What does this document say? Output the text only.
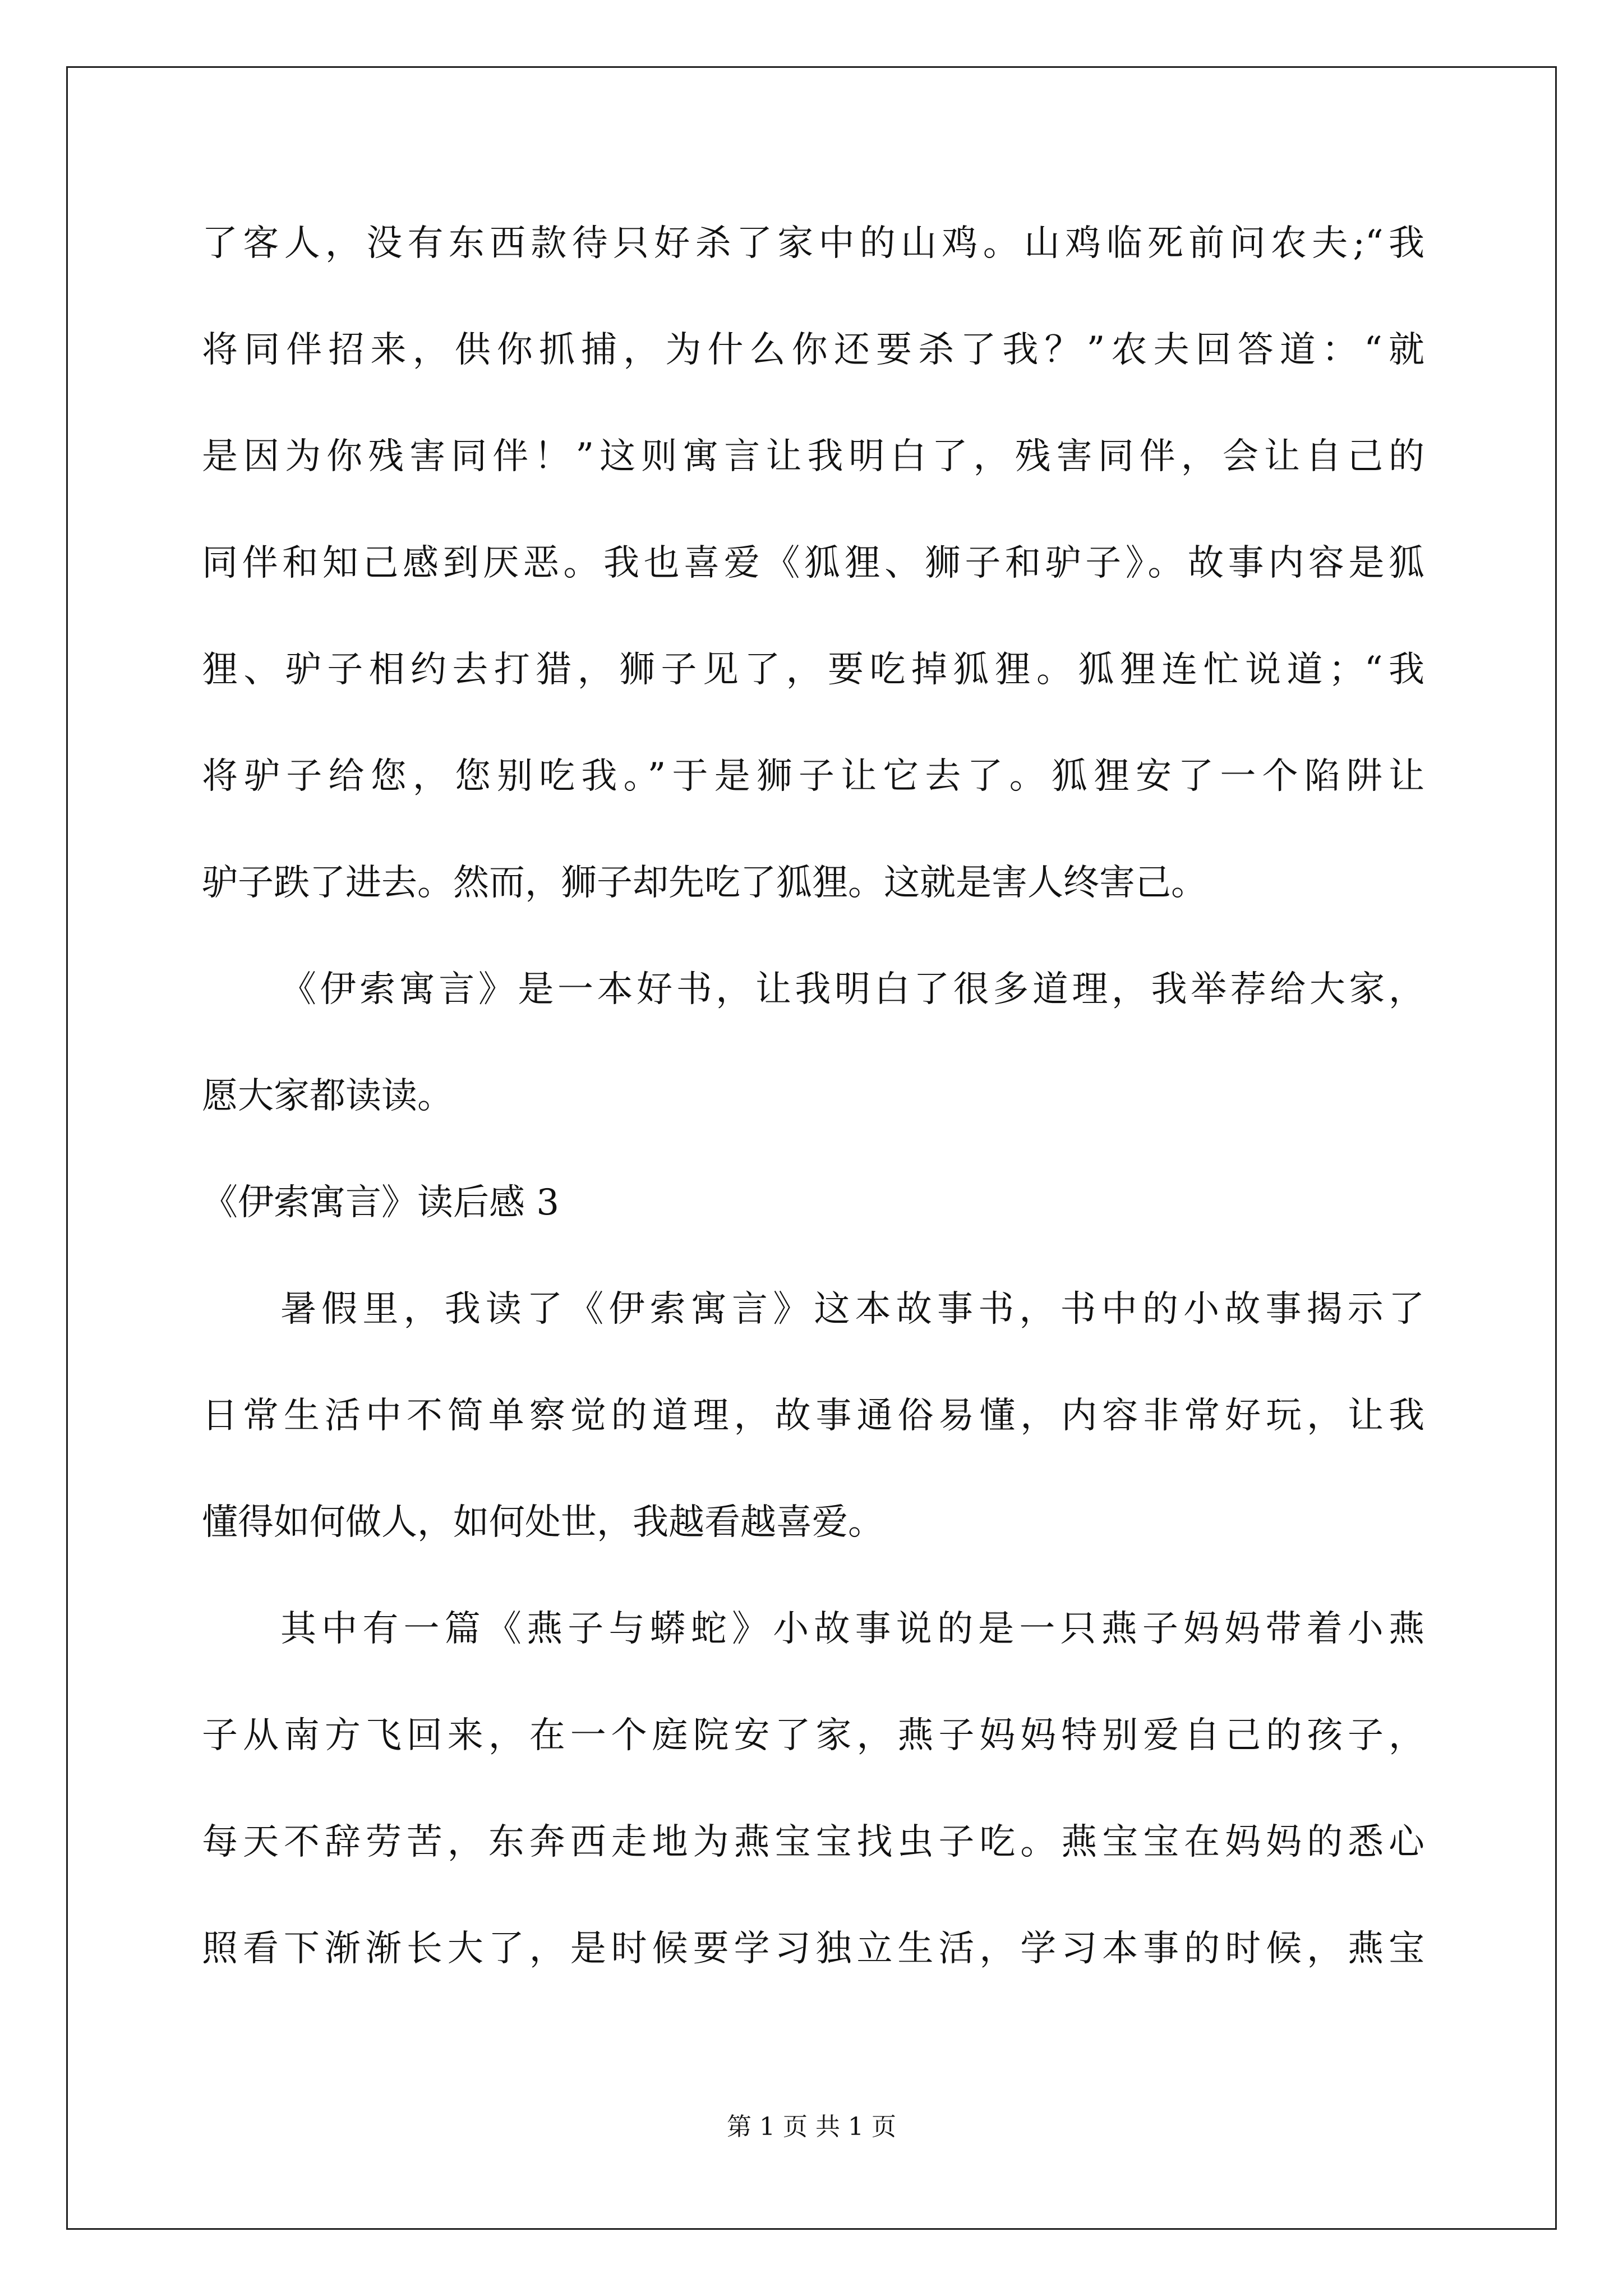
了客人，没有东西款待只好杀了家中的山鸡。山鸡临死前问农夫;“我
将同伴招来，供你抓捕，为什么你还要杀了我？”农夫回答道：“就
是因为你残害同伴！”这则寓言让我明白了，残害同伴，会让自己的
同伴和知己感到厌恶。我也喜爱《狐狸、狮子和驴子》。故事内容是狐
狸、驴子相约去打猎，狮子见了，要吃掉狐狸。狐狸连忙说道；“我
将驴子给您，您别吃我。”于是狮子让它去了。狐狸安了一个陷阱让
驴子跌了进去。然而，狮子却先吃了狐狸。这就是害人终害己。
《伊索寓言》是一本好书，让我明白了很多道理，我举荐给大家，
愿大家都读读。
《伊索寓言》读后感 3
暑假里，我读了《伊索寓言》这本故事书，书中的小故事揭示了
日常生活中不简单察觉的道理，故事通俗易懂，内容非常好玩，让我
懂得如何做人，如何处世，我越看越喜爱。
其中有一篇《燕子与蟒蛇》小故事说的是一只燕子妈妈带着小燕
子从南方飞回来，在一个庭院安了家，燕子妈妈特别爱自己的孩子，
每天不辞劳苦，东奔西走地为燕宝宝找虫子吃。燕宝宝在妈妈的悉心
照看下渐渐长大了，是时候要学习独立生活，学习本事的时候，燕宝
第 1 页 共 1 页
